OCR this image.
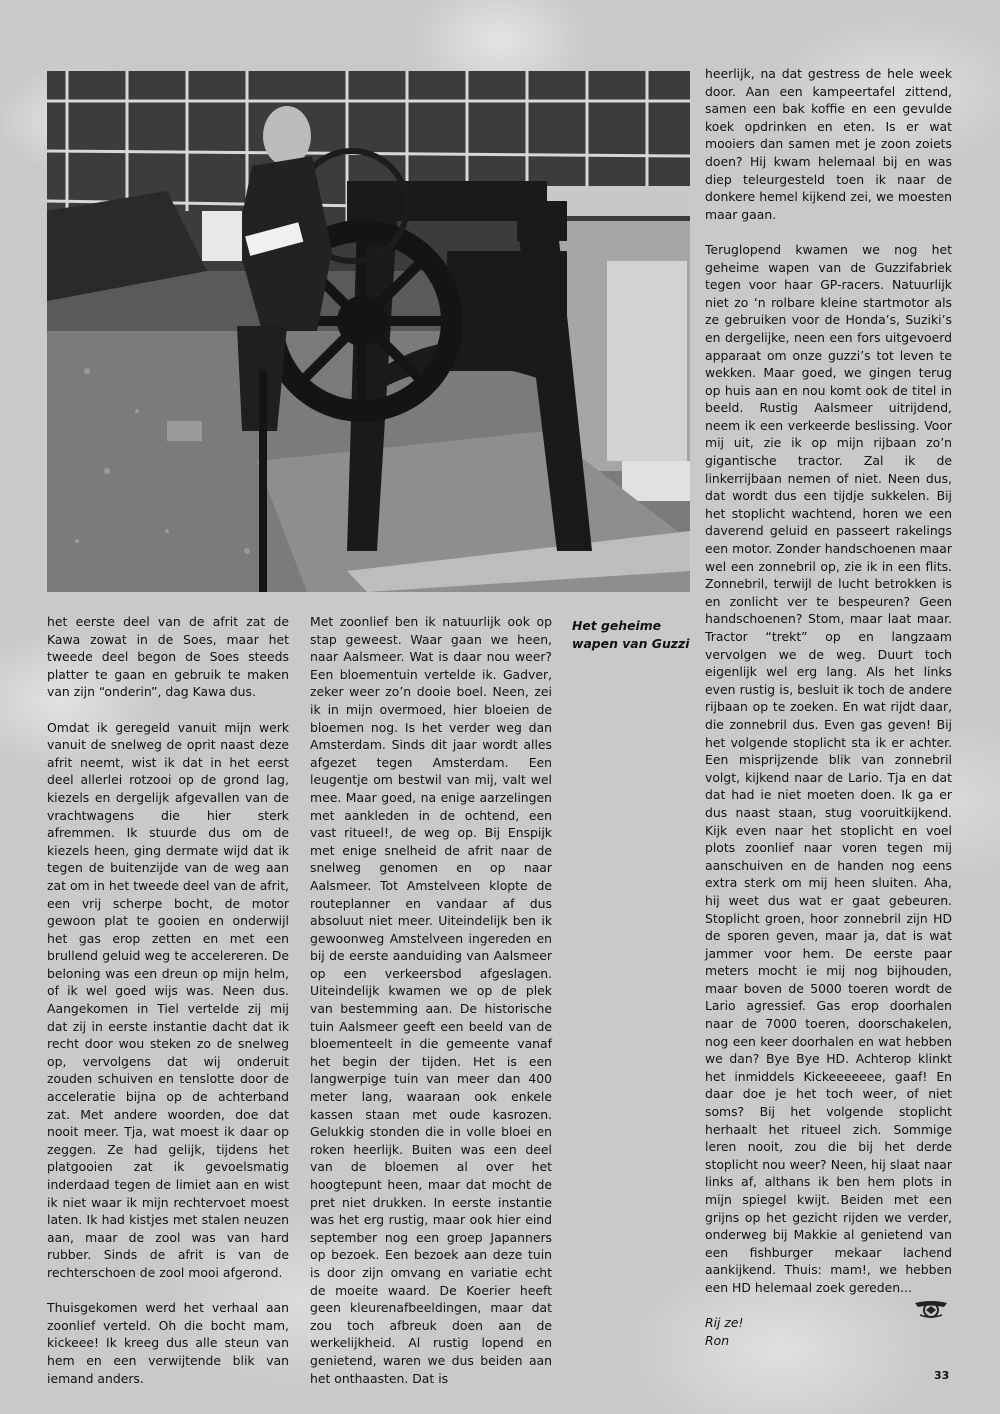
het eerste deel van de afrit zat de Kawa zowat in de Soes, maar het tweede deel begon de Soes steeds platter te gaan en gebruik te maken van zijn “onderin”, dag Kawa dus.

Omdat ik geregeld vanuit mijn werk vanuit de snelweg de oprit naast deze afrit neemt, wist ik dat in het eerst deel allerlei rotzooi op de grond lag, kiezels en dergelijk afgevallen van de vrachtwagens die hier sterk afremmen. Ik stuurde dus om de kiezels heen, ging dermate wijd dat ik tegen de buitenzijde van de weg aan zat om in het tweede deel van de afrit, een vrij scherpe bocht, de motor gewoon plat te gooien en onderwijl het gas erop zetten en met een brullend geluid weg te accelereren. De beloning was een dreun op mijn helm, of ik wel goed wijs was. Neen dus. Aangekomen in Tiel vertelde zij mij dat zij in eerste instantie dacht dat ik recht door wou steken zo de snelweg op, vervolgens dat wij onderuit zouden schuiven en tenslotte door de acceleratie bijna op de achterband zat. Met andere woorden, doe dat nooit meer. Tja, wat moest ik daar op zeggen. Ze had gelijk, tijdens het platgooien zat ik gevoelsmatig inderdaad tegen de limiet aan en wist ik niet waar ik mijn rechtervoet moest laten. Ik had kistjes met stalen neuzen aan, maar de zool was van hard rubber. Sinds de afrit is van de rechterschoen de zool mooi afgerond.

Thuisgekomen werd het verhaal aan zoonlief verteld. Oh die bocht mam, kickeee! Ik kreeg dus alle steun van hem en een verwijtende blik van iemand anders.

Met zoonlief ben ik natuurlijk ook op stap geweest. Waar gaan we heen, naar Aalsmeer. Wat is daar nou weer? Een bloementuin vertelde ik. Gadver, zeker weer zo’n dooie boel. Neen, zei ik in mijn overmoed, hier bloeien de bloemen nog. Is het verder weg dan Amsterdam. Sinds dit jaar wordt alles afgezet tegen Amsterdam. Een leugentje om bestwil van mij, valt wel mee. Maar goed, na enige aarzelingen met aankleden in de ochtend, een vast ritueel!, de weg op. Bij Enspijk met enige snelheid de afrit naar de snelweg genomen en op naar Aalsmeer. Tot Amstelveen klopte de routeplanner en vandaar af dus absoluut niet meer. Uiteindelijk ben ik gewoonweg Amstelveen ingereden en bij de eerste aanduiding van Aalsmeer op een verkeersbod afgeslagen. Uiteindelijk kwamen we op de plek van bestemming aan. De historische tuin Aalsmeer geeft een beeld van de bloementeelt in die gemeente vanaf het begin der tijden. Het is een langwerpige tuin van meer dan 400 meter lang, waaraan ook enkele kassen staan met oude kasrozen. Gelukkig stonden die in volle bloei en roken heerlijk. Buiten was een deel van de bloemen al over het hoogtepunt heen, maar dat mocht de pret niet drukken. In eerste instantie was het erg rustig, maar ook hier eind september nog een groep Japanners op bezoek. Een bezoek aan deze tuin is door zijn omvang en variatie echt de moeite waard. De Koerier heeft geen kleurenafbeeldingen, maar dat zou toch afbreuk doen aan de werkelijkheid. Al rustig lopend en genietend, waren we dus beiden aan het onthaasten. Dat is

Het geheime wapen van Guzzi

heerlijk, na dat gestress de hele week door. Aan een kampeertafel zittend, samen een bak koffie en een gevulde koek opdrinken en eten. Is er wat mooiers dan samen met je zoon zoiets doen? Hij kwam helemaal bij en was diep teleurgesteld toen ik naar de donkere hemel kijkend zei, we moesten maar gaan.

Teruglopend kwamen we nog het geheime wapen van de Guzzifabriek tegen voor haar GP-racers. Natuurlijk niet zo ‘n rolbare kleine startmotor als ze gebruiken voor de Honda’s, Suziki’s en dergelijke, neen een fors uitgevoerd apparaat om onze guzzi’s tot leven te wekken. Maar goed, we gingen terug op huis aan en nou komt ook de titel in beeld. Rustig Aalsmeer uitrijdend, neem ik een verkeerde beslissing. Voor mij uit, zie ik op mijn rijbaan zo’n gigantische tractor. Zal ik de linkerrijbaan nemen of niet. Neen dus, dat wordt dus een tijdje sukkelen. Bij het stoplicht wachtend, horen we een daverend geluid en passeert rakelings een motor. Zonder handschoenen maar wel een zonnebril op, zie ik in een flits. Zonnebril, terwijl de lucht betrokken is en zonlicht ver te bespeuren? Geen handschoenen? Stom, maar laat maar. Tractor “trekt” op en langzaam vervolgen we de weg. Duurt toch eigenlijk wel erg lang. Als het links even rustig is, besluit ik toch de andere rijbaan op te zoeken. En wat rijdt daar, die zonnebril dus. Even gas geven! Bij het volgende stoplicht sta ik er achter. Een misprijzende blik van zonnebril volgt, kijkend naar de Lario. Tja en dat dat had ie niet moeten doen. Ik ga er dus naast staan, stug vooruitkijkend. Kijk even naar het stoplicht en voel plots zoonlief naar voren tegen mij aanschuiven en de handen nog eens extra sterk om mij heen sluiten. Aha, hij weet dus wat er gaat gebeuren. Stoplicht groen, hoor zonnebril zijn HD de sporen geven, maar ja, dat is wat jammer voor hem. De eerste paar meters mocht ie mij nog bijhouden, maar boven de 5000 toeren wordt de Lario agressief. Gas erop doorhalen naar de 7000 toeren, doorschakelen, nog een keer doorhalen en wat hebben we dan? Bye Bye HD. Achterop klinkt het inmiddels Kickeeeeeee, gaaf! En daar doe je het toch weer, of niet soms? Bij het volgende stoplicht herhaalt het ritueel zich. Sommige leren nooit, zou die bij het derde stoplicht nou weer? Neen, hij slaat naar links af, althans ik ben hem plots in mijn spiegel kwijt. Beiden met een grijns op het gezicht rijden we verder, onderweg bij Makkie al genietend van een fishburger mekaar lachend aankijkend. Thuis: mam!, we hebben een HD helemaal zoek gereden...

Rij ze!
Ron

33
